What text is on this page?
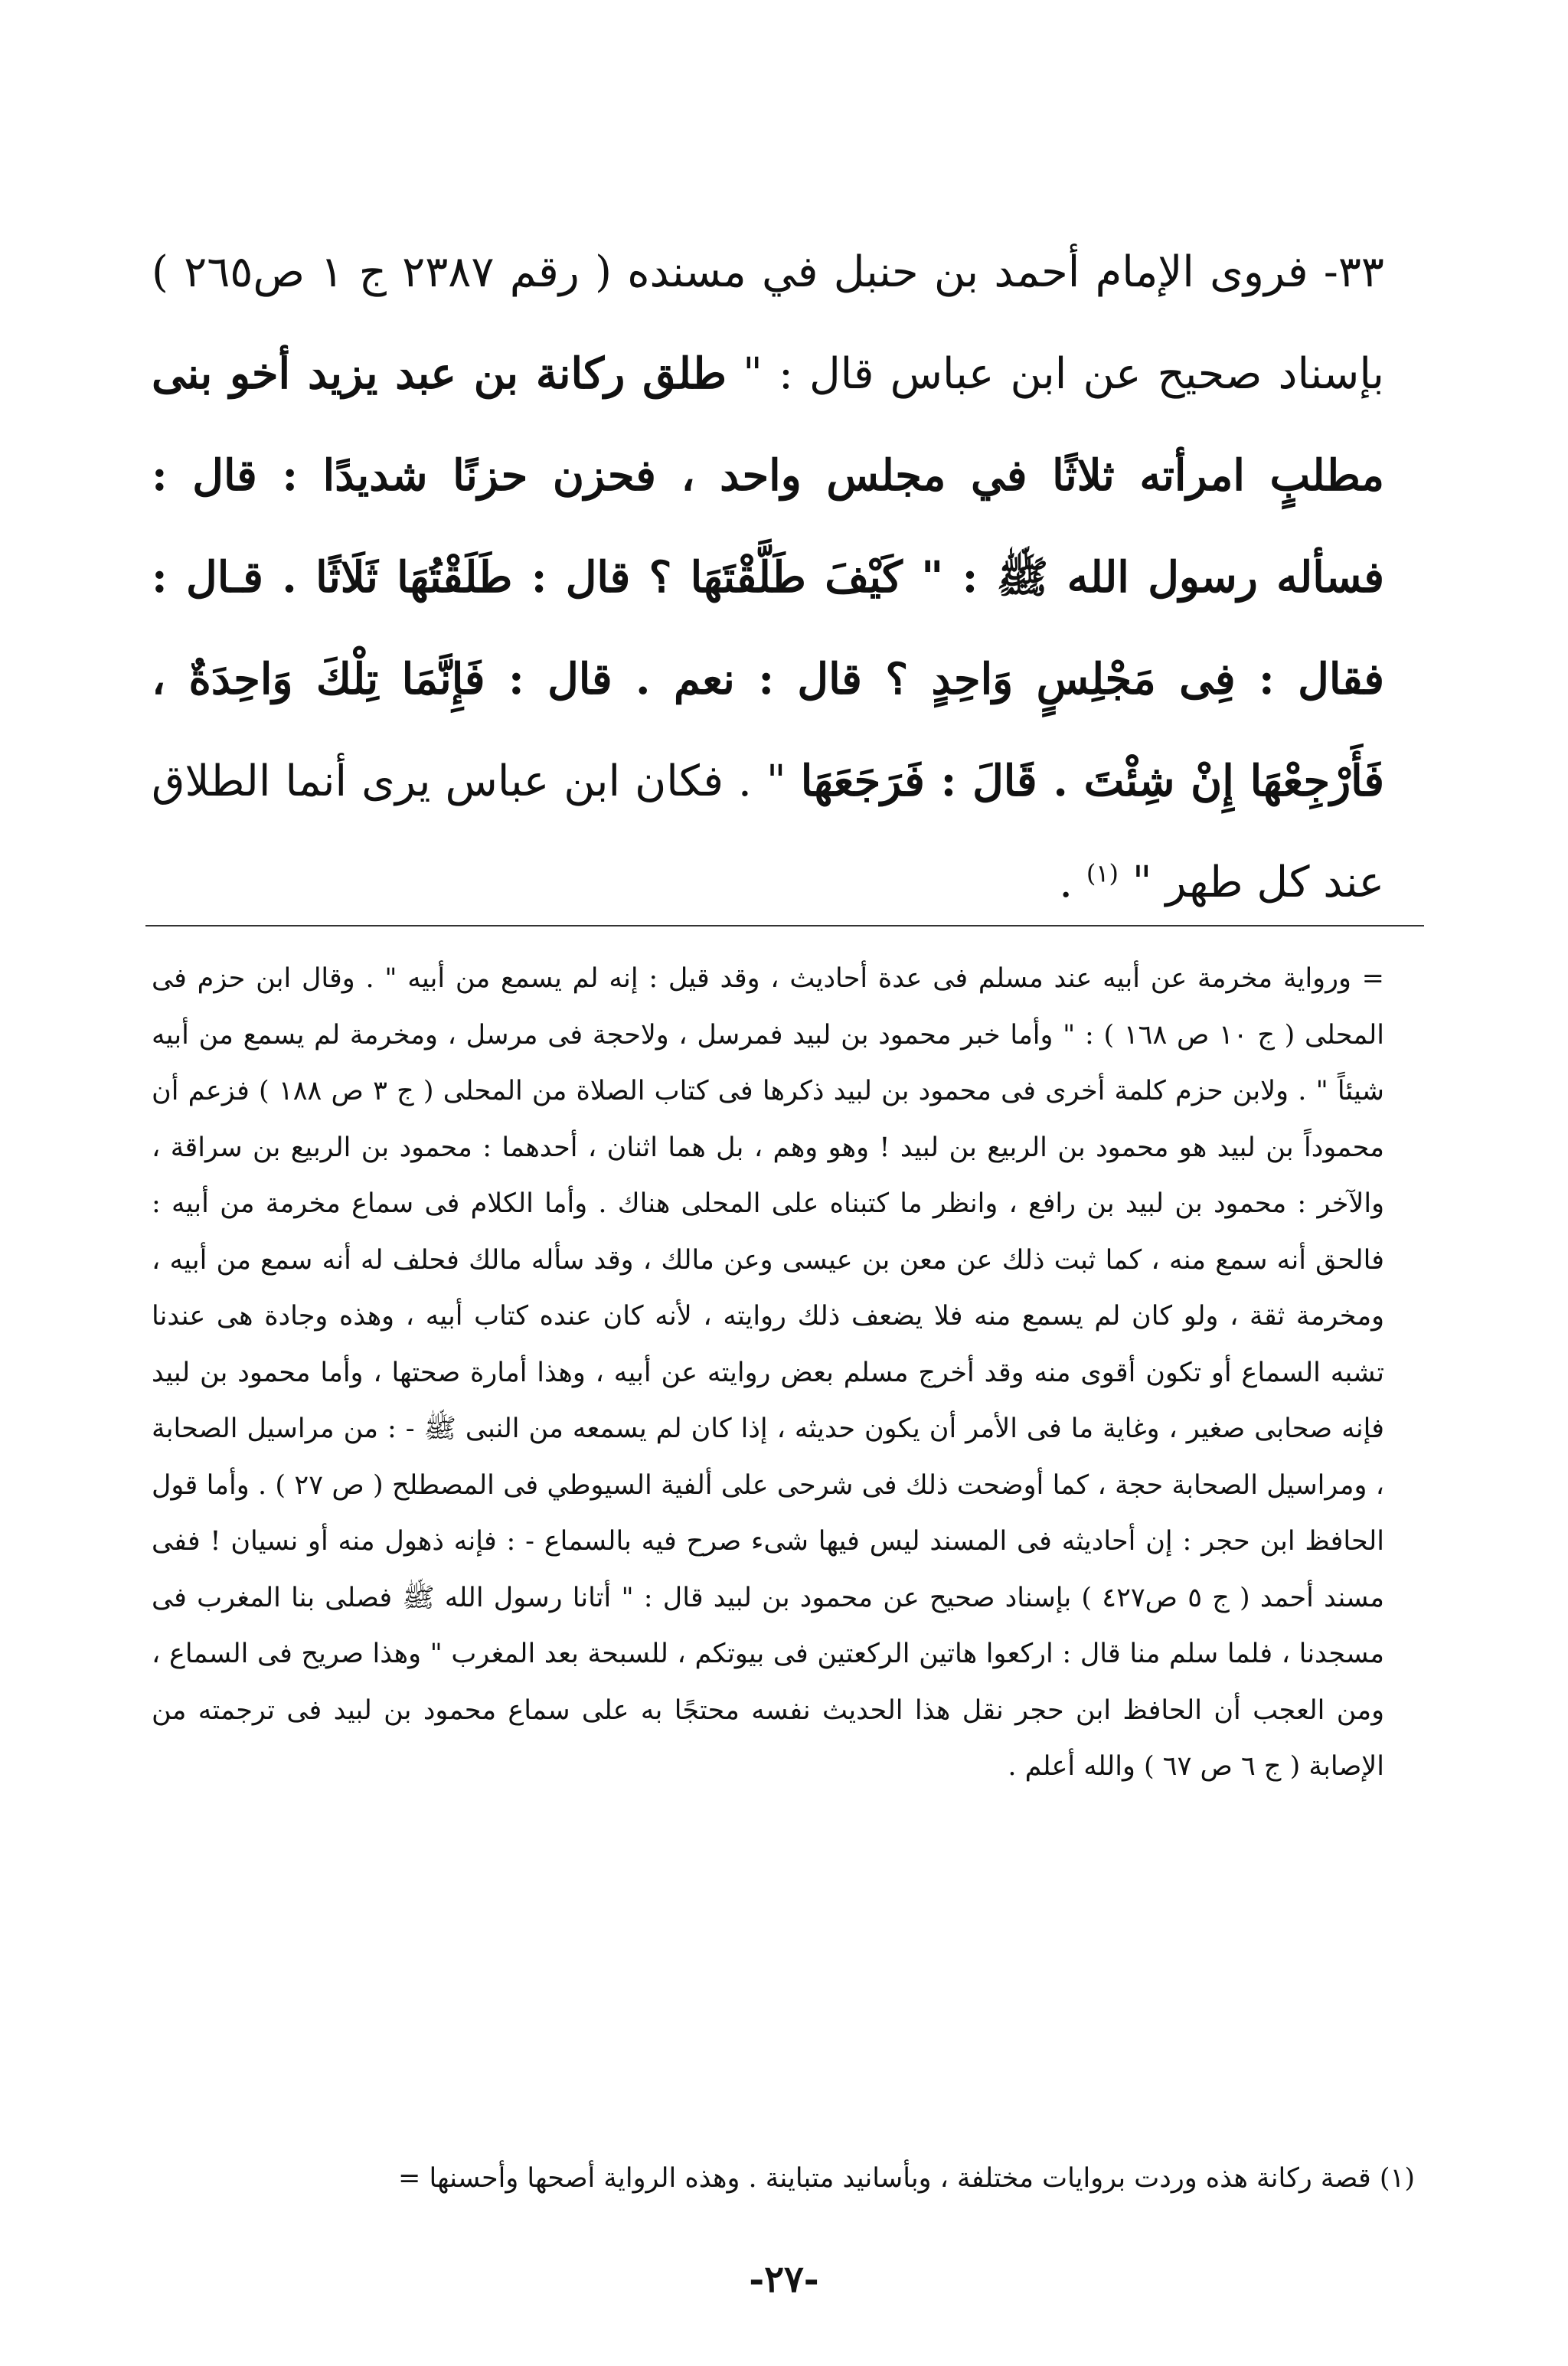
٣٣- فروى الإمام أحمد بن حنبل في مسنده ( رقم ٢٣٨٧ ج ١ ص٢٦٥ ) بإسناد صحيح عن ابن عباس قال : " طلق ركانة بن عبد يزيد أخو بنى مطلبٍ امرأته ثلاثًا في مجلس واحد ، فحزن حزنًا شديدًا : قال : فسأله رسول الله ﷺ : " كَيْفَ طَلَّقْتَهَا ؟ قال : طَلَقْتُهَا ثَلَاثًا . قـال : فقال : فِى مَجْلِسٍ وَاحِدٍ ؟ قال : نعم . قال : فَإِنَّمَا تِلْكَ وَاحِدَةٌ ، فَأَرْجِعْهَا إِنْ شِئْتَ . قَالَ : فَرَجَعَهَا " . فكان ابن عباس يرى أنما الطلاق عند كل طهر " $^{(١)}$ .

= ورواية مخرمة عن أبيه عند مسلم فى عدة أحاديث ، وقد قيل : إنه لم يسمع من أبيه " . وقال ابن حزم فى المحلى ( ج ١٠ ص ١٦٨ ) : " وأما خبر محمود بن لبيد فمرسل ، ولاحجة فى مرسل ، ومخرمة لم يسمع من أبيه شيئاً " . ولابن حزم كلمة أخرى فى محمود بن لبيد ذكرها فى كتاب الصلاة من المحلى ( ج ٣ ص ١٨٨ ) فزعم أن محموداً بن لبيد هو محمود بن الربيع بن لبيد ! وهو وهم ، بل هما اثنان ، أحدهما : محمود بن الربيع بن سراقة ، والآخر : محمود بن لبيد بن رافع ، وانظر ما كتبناه على المحلى هناك . وأما الكلام فى سماع مخرمة من أبيه : فالحق أنه سمع منه ، كما ثبت ذلك عن معن بن عيسى وعن مالك ، وقد سأله مالك فحلف له أنه سمع من أبيه ، ومخرمة ثقة ، ولو كان لم يسمع منه فلا يضعف ذلك روايته ، لأنه كان عنده كتاب أبيه ، وهذه وجادة هى عندنا تشبه السماع أو تكون أقوى منه وقد أخرج مسلم بعض روايته عن أبيه ، وهذا أمارة صحتها ، وأما محمود بن لبيد فإنه صحابى صغير ، وغاية ما فى الأمر أن يكون حديثه ، إذا كان لم يسمعه من النبى ﷺ - : من مراسيل الصحابة ، ومراسيل الصحابة حجة ، كما أوضحت ذلك فى شرحى على ألفية السيوطي فى المصطلح ( ص ٢٧ ) . وأما قول الحافظ ابن حجر : إن أحاديثه فى المسند ليس فيها شىء صرح فيه بالسماع - : فإنه ذهول منه أو نسيان ! ففى مسند أحمد ( ج ٥ ص٤٢٧ ) بإسناد صحيح عن محمود بن لبيد قال : " أتانا رسول الله ﷺ فصلى بنا المغرب فى مسجدنا ، فلما سلم منا قال : اركعوا هاتين الركعتين فى بيوتكم ، للسبحة بعد المغرب " وهذا صريح فى السماع ، ومن العجب أن الحافظ ابن حجر نقل هذا الحديث نفسه محتجًا به على سماع محمود بن لبيد فى ترجمته من الإصابة ( ج ٦ ص ٦٧ ) والله أعلم .

(١) قصة ركانة هذه وردت بروايات مختلفة ، وبأسانيد متباينة . وهذه الرواية أصحها وأحسنها =

-٢٧-
